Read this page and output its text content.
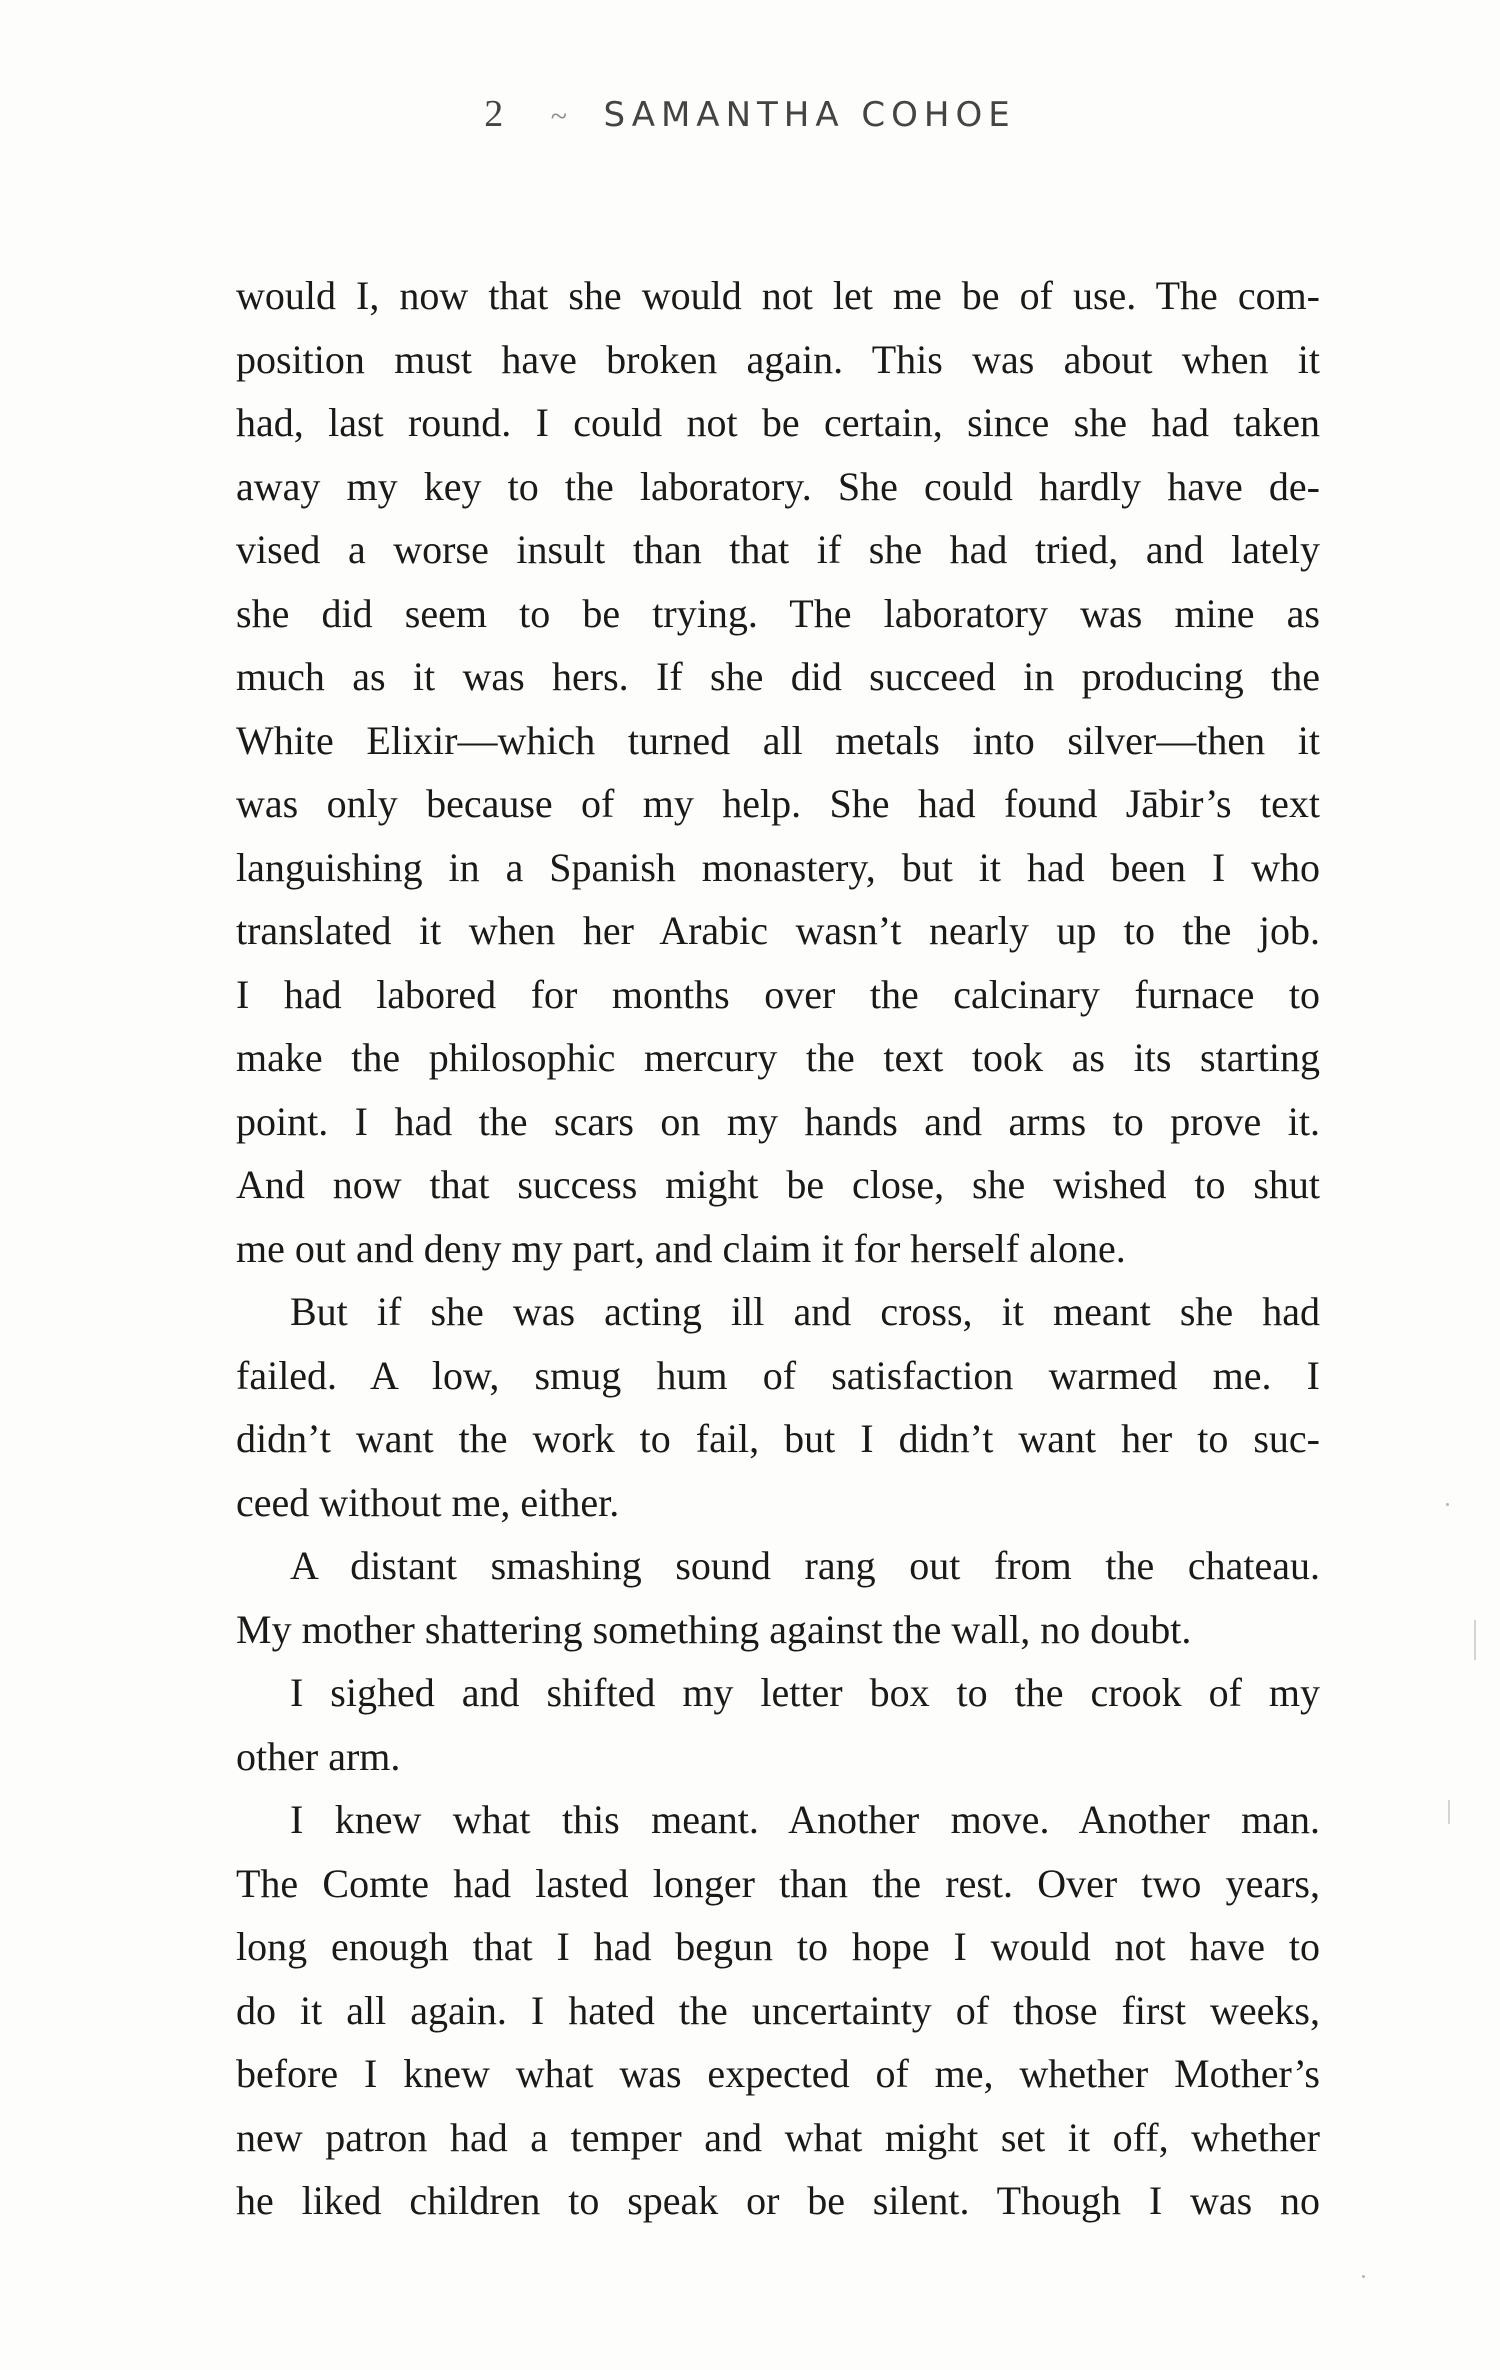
2 ~ SAMANTHA COHOE
would I, now that she would not let me be of use. The com-
position must have broken again. This was about when it
had, last round. I could not be certain, since she had taken
away my key to the laboratory. She could hardly have de-
vised a worse insult than that if she had tried, and lately
she did seem to be trying. The laboratory was mine as
much as it was hers. If she did succeed in producing the
White Elixir—which turned all metals into silver—then it
was only because of my help. She had found Jābir’s text
languishing in a Spanish monastery, but it had been I who
translated it when her Arabic wasn’t nearly up to the job.
I had labored for months over the calcinary furnace to
make the philosophic mercury the text took as its starting
point. I had the scars on my hands and arms to prove it.
And now that success might be close, she wished to shut
me out and deny my part, and claim it for herself alone.
But if she was acting ill and cross, it meant she had
failed. A low, smug hum of satisfaction warmed me. I
didn’t want the work to fail, but I didn’t want her to suc-
ceed without me, either.
A distant smashing sound rang out from the chateau.
My mother shattering something against the wall, no doubt.
I sighed and shifted my letter box to the crook of my
other arm.
I knew what this meant. Another move. Another man.
The Comte had lasted longer than the rest. Over two years,
long enough that I had begun to hope I would not have to
do it all again. I hated the uncertainty of those first weeks,
before I knew what was expected of me, whether Mother’s
new patron had a temper and what might set it off, whether
he liked children to speak or be silent. Though I was no
